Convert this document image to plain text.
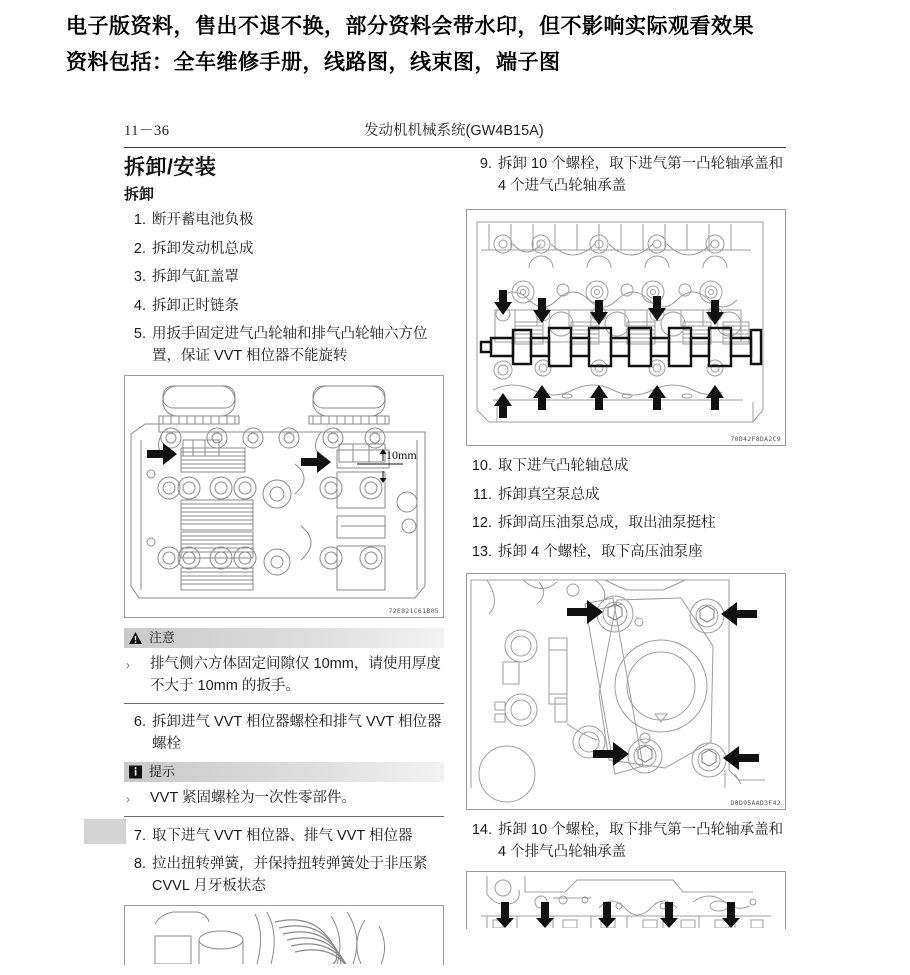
电子版资料，售出不退不换，部分资料会带水印，但不影响实际观看效果
资料包括：全车维修手册，线路图，线束图，端子图
11－36	发动机机械系统(GW4B15A)
拆卸/安装
拆卸
1. 断开蓄电池负极
2. 拆卸发动机总成
3. 拆卸气缸盖罩
4. 拆卸正时链条
5. 用扳手固定进气凸轮轴和排气凸轮轴六方位置，保证 VVT 相位器不能旋转
10mm
72E821C61B05
注意
› 排气侧六方体固定间隙仅 10mm，请使用厚度不大于 10mm 的扳手。
6. 拆卸进气 VVT 相位器螺栓和排气 VVT 相位器螺栓
提示
› VVT 紧固螺栓为一次性零部件。
7. 取下进气 VVT 相位器、排气 VVT 相位器
8. 拉出扭转弹簧，并保持扭转弹簧处于非压紧 CVVL 月牙板状态
9. 拆卸 10 个螺栓，取下进气第一凸轮轴承盖和 4 个进气凸轮轴承盖
70D42F8DA2C9
10. 取下进气凸轮轴总成
11. 拆卸真空泵总成
12. 拆卸高压油泵总成，取出油泵挺柱
13. 拆卸 4 个螺栓，取下高压油泵座
D0D95AAD3F42
14. 拆卸 10 个螺栓，取下排气第一凸轮轴承盖和 4 个排气凸轮轴承盖
